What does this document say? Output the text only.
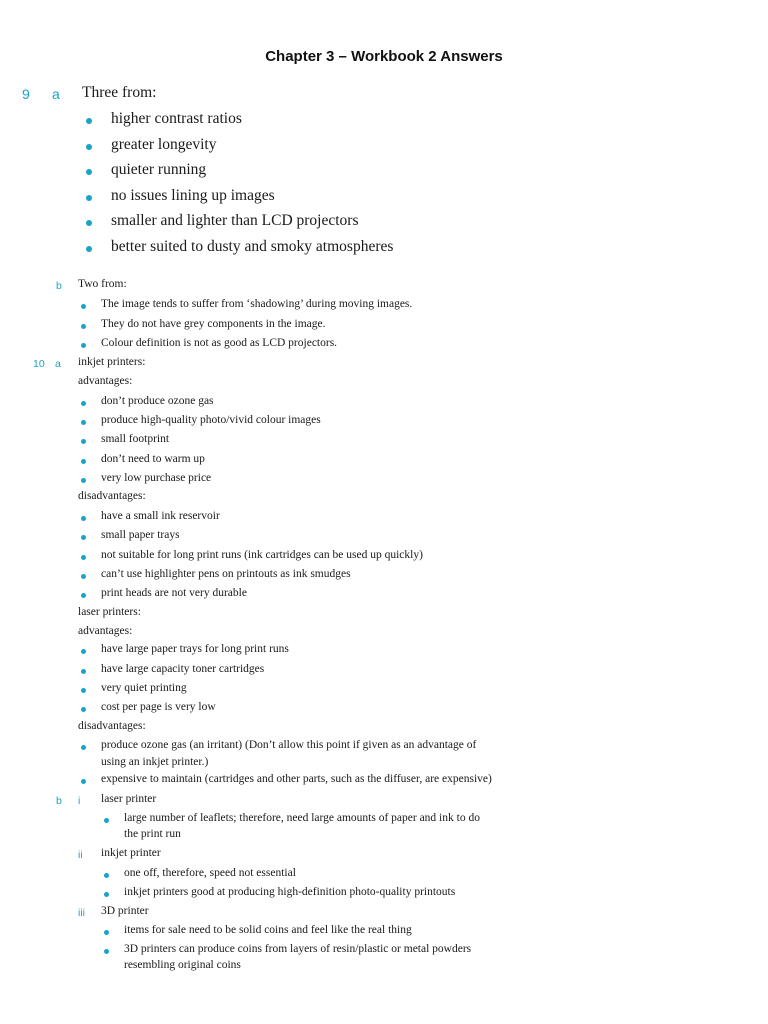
Chapter 3 – Workbook 2 Answers
9 a Three from:
higher contrast ratios
greater longevity
quieter running
no issues lining up images
smaller and lighter than LCD projectors
better suited to dusty and smoky atmospheres
b Two from:
The image tends to suffer from ‘shadowing’ during moving images.
They do not have grey components in the image.
Colour definition is not as good as LCD projectors.
10 a inkjet printers:
advantages:
don’t produce ozone gas
produce high-quality photo/vivid colour images
small footprint
don’t need to warm up
very low purchase price
disadvantages:
have a small ink reservoir
small paper trays
not suitable for long print runs (ink cartridges can be used up quickly)
can’t use highlighter pens on printouts as ink smudges
print heads are not very durable
laser printers:
advantages:
have large paper trays for long print runs
have large capacity toner cartridges
very quiet printing
cost per page is very low
disadvantages:
produce ozone gas (an irritant) (Don’t allow this point if given as an advantage of
using an inkjet printer.)
expensive to maintain (cartridges and other parts, such as the diffuser, are expensive)
b i laser printer
large number of leaflets; therefore, need large amounts of paper and ink to do
the print run
ii inkjet printer
one off, therefore, speed not essential
inkjet printers good at producing high-definition photo-quality printouts
iii 3D printer
items for sale need to be solid coins and feel like the real thing
3D printers can produce coins from layers of resin/plastic or metal powders
resembling original coins
